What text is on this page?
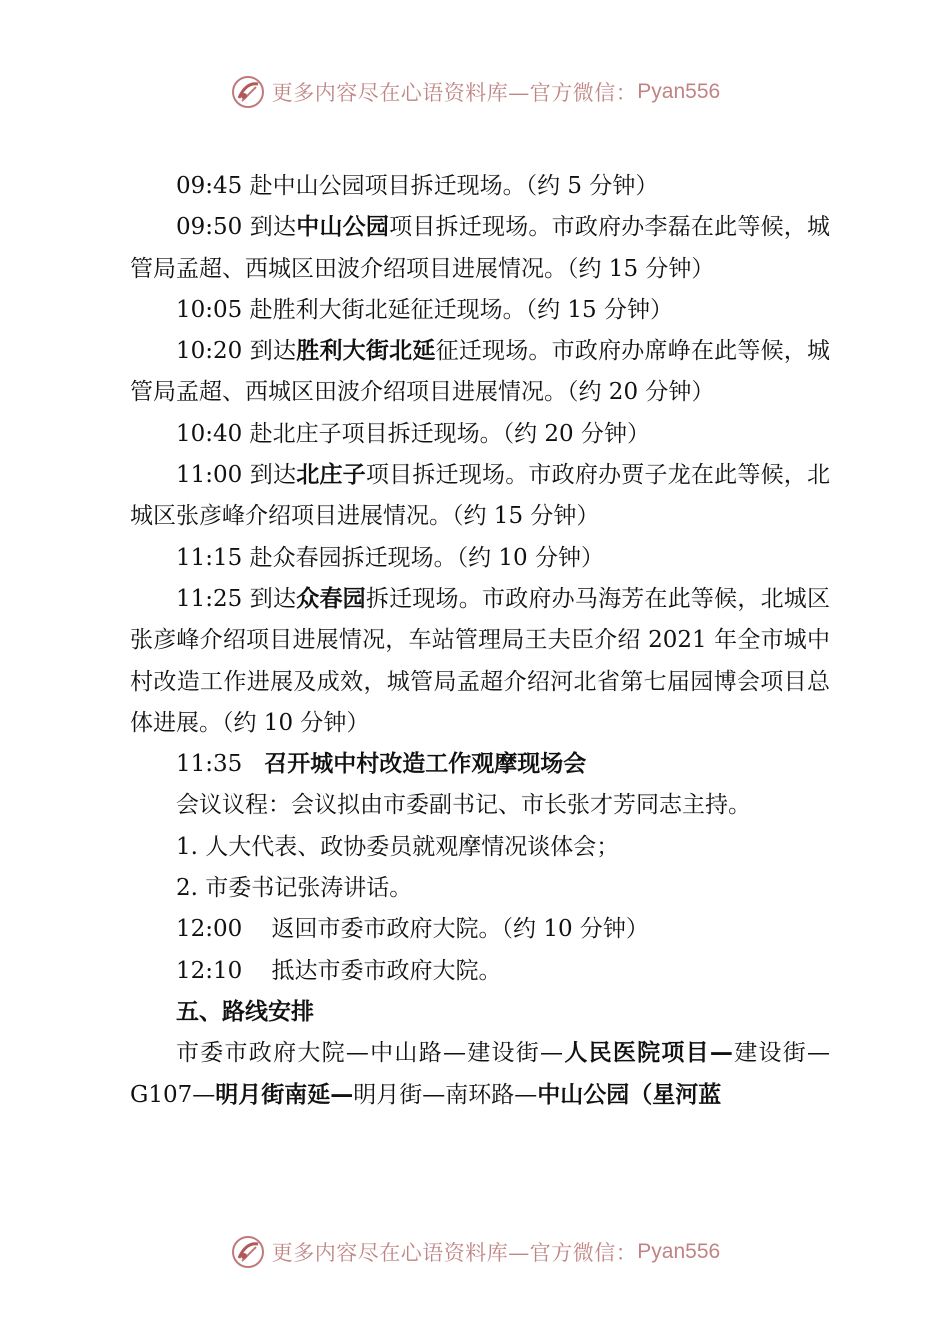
更多内容尽在心语资料库—官方微信： Pyan556

09:45 赴中山公园项目拆迁现场。（约 5 分钟）

09:50 到达中山公园项目拆迁现场。市政府办李磊在此等候，城管局孟超、西城区田波介绍项目进展情况。（约 15 分钟）

10:05 赴胜利大街北延征迁现场。（约 15 分钟）

10:20 到达胜利大街北延征迁现场。市政府办席峥在此等候，城管局孟超、西城区田波介绍项目进展情况。（约 20 分钟）

10:40 赴北庄子项目拆迁现场。（约 20 分钟）

11:00 到达北庄子项目拆迁现场。市政府办贾子龙在此等候，北城区张彦峰介绍项目进展情况。（约 15 分钟）

11:15 赴众春园拆迁现场。（约 10 分钟）

11:25 到达众春园拆迁现场。市政府办马海芳在此等候，北城区张彦峰介绍项目进展情况，车站管理局王夫臣介绍 2021 年全市城中村改造工作进展及成效，城管局孟超介绍河北省第七届园博会项目总体进展。（约 10 分钟）

11:35 召开城中村改造工作观摩现场会

会议议程：会议拟由市委副书记、市长张才芳同志主持。

1. 人大代表、政协委员就观摩情况谈体会；

2. 市委书记张涛讲话。

12:00    返回市委市政府大院。（约 10 分钟）

12:10    抵达市委市政府大院。

五、路线安排

市委市政府大院—中山路—建设街—人民医院项目—建设街—G107—明月街南延—明月街—南环路—中山公园（星河蓝

更多内容尽在心语资料库—官方微信： Pyan556
